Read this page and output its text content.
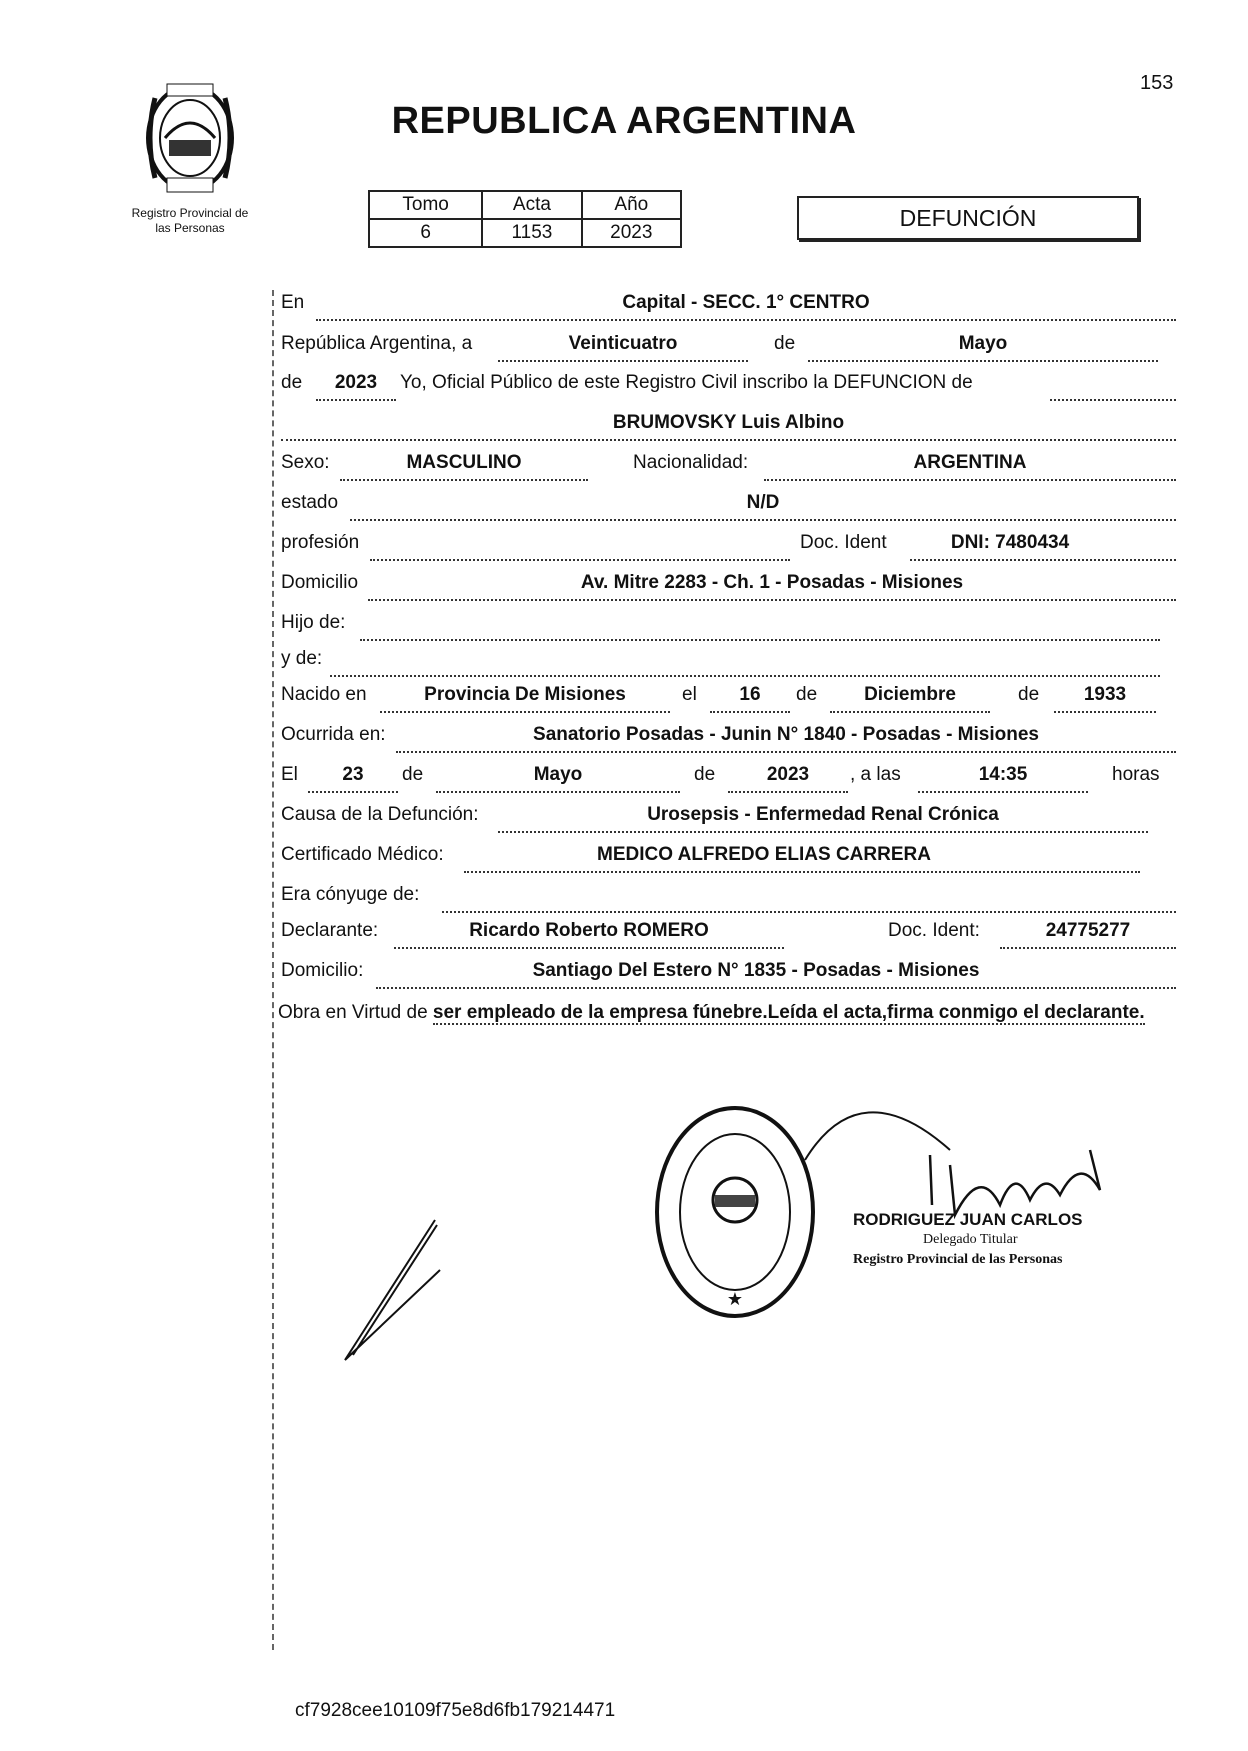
153
REPUBLICA ARGENTINA
Registro Provincial de
las Personas
Tomo	Acta	Año
6	1153	2023
DEFUNCIÓN
En	Capital - SECC. 1° CENTRO
República Argentina, a	Veinticuatro	de	Mayo
de	2023	Yo, Oficial Público de este Registro Civil inscribo la DEFUNCION de
BRUMOVSKY Luis Albino
Sexo:	MASCULINO	Nacionalidad:	ARGENTINA
estado	N/D
profesión	Doc. Ident	DNI: 7480434
Domicilio	Av. Mitre 2283 - Ch. 1 - Posadas - Misiones
Hijo de:
y de:
Nacido en	Provincia De Misiones	el	16	de	Diciembre	de	1933
Ocurrida en:	Sanatorio Posadas - Junin N° 1840 - Posadas - Misiones
El	23	de	Mayo	de	2023	, a las	14:35	horas
Causa de la Defunción:	Urosepsis - Enfermedad Renal Crónica
Certificado Médico:	MEDICO ALFREDO ELIAS CARRERA
Era cónyuge de:
Declarante:	Ricardo Roberto ROMERO	Doc. Ident:	24775277
Domicilio:	Santiago Del Estero N° 1835 - Posadas - Misiones
Obra en Virtud de ser empleado de la empresa fúnebre.Leída el acta,firma conmigo el declarante.
★
RODRIGUEZ JUAN CARLOS
Delegado Titular
Registro Provincial de las Personas
cf7928cee10109f75e8d6fb179214471
